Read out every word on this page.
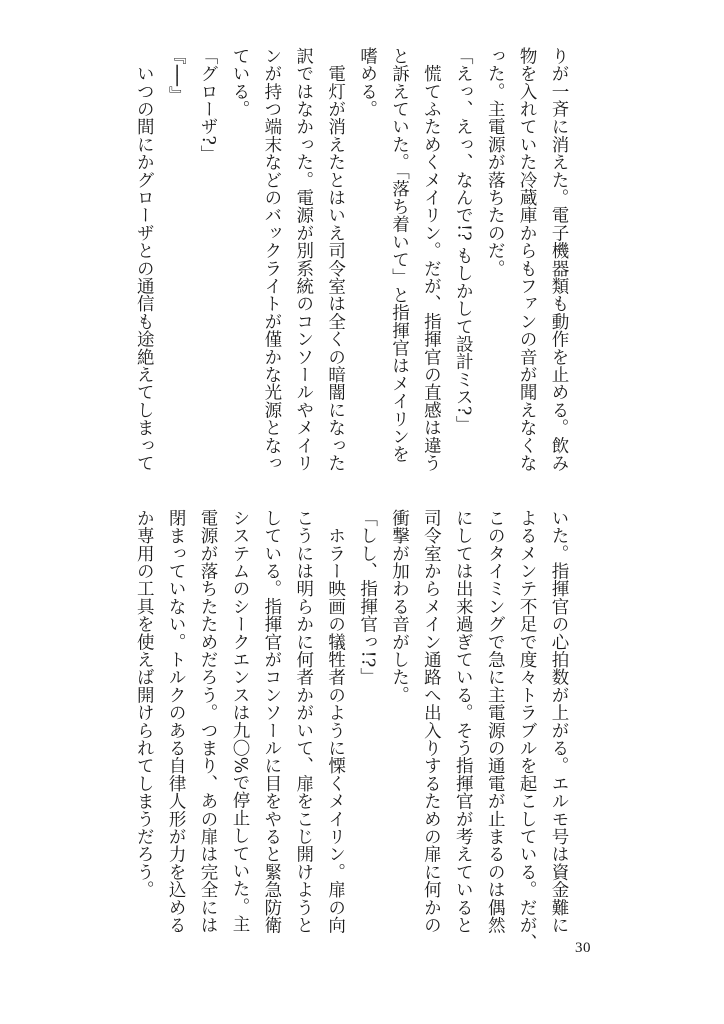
りが一斉に消えた。電子機器類も動作を止める。飲み
物を入れていた冷蔵庫からもファンの音が聞えなくな
った。主電源が落ちたのだ。
「えっ、えっ、なんで!? もしかして設計ミス?」
　慌てふためくメイリン。だが、指揮官の直感は違う
と訴えていた。「落ち着いて」と指揮官はメイリンを
嗜める。
　電灯が消えたとはいえ司令室は全くの暗闇になった
訳ではなかった。電源が別系統のコンソールやメイリ
ンが持つ端末などのバックライトが僅かな光源となっ
ている。
「グローザ?」
『──』
　いつの間にかグローザとの通信も途絶えてしまって
いた。指揮官の心拍数が上がる。エルモ号は資金難に
よるメンテ不足で度々トラブルを起こしている。だが、
このタイミングで急に主電源の通電が止まるのは偶然
にしては出来過ぎている。そう指揮官が考えていると
司令室からメイン通路へ出入りするための扉に何かの
衝撃が加わる音がした。
「しし、指揮官っ!?」
　ホラー映画の犠牲者のように慄くメイリン。扉の向
こうには明らかに何者かがいて、扉をこじ開けようと
している。指揮官がコンソールに目をやると緊急防衛
システムのシークエンスは九〇%で停止していた。主
電源が落ちたためだろう。つまり、あの扉は完全には
閉まっていない。トルクのある自律人形が力を込める
か専用の工具を使えば開けられてしまうだろう。
30
